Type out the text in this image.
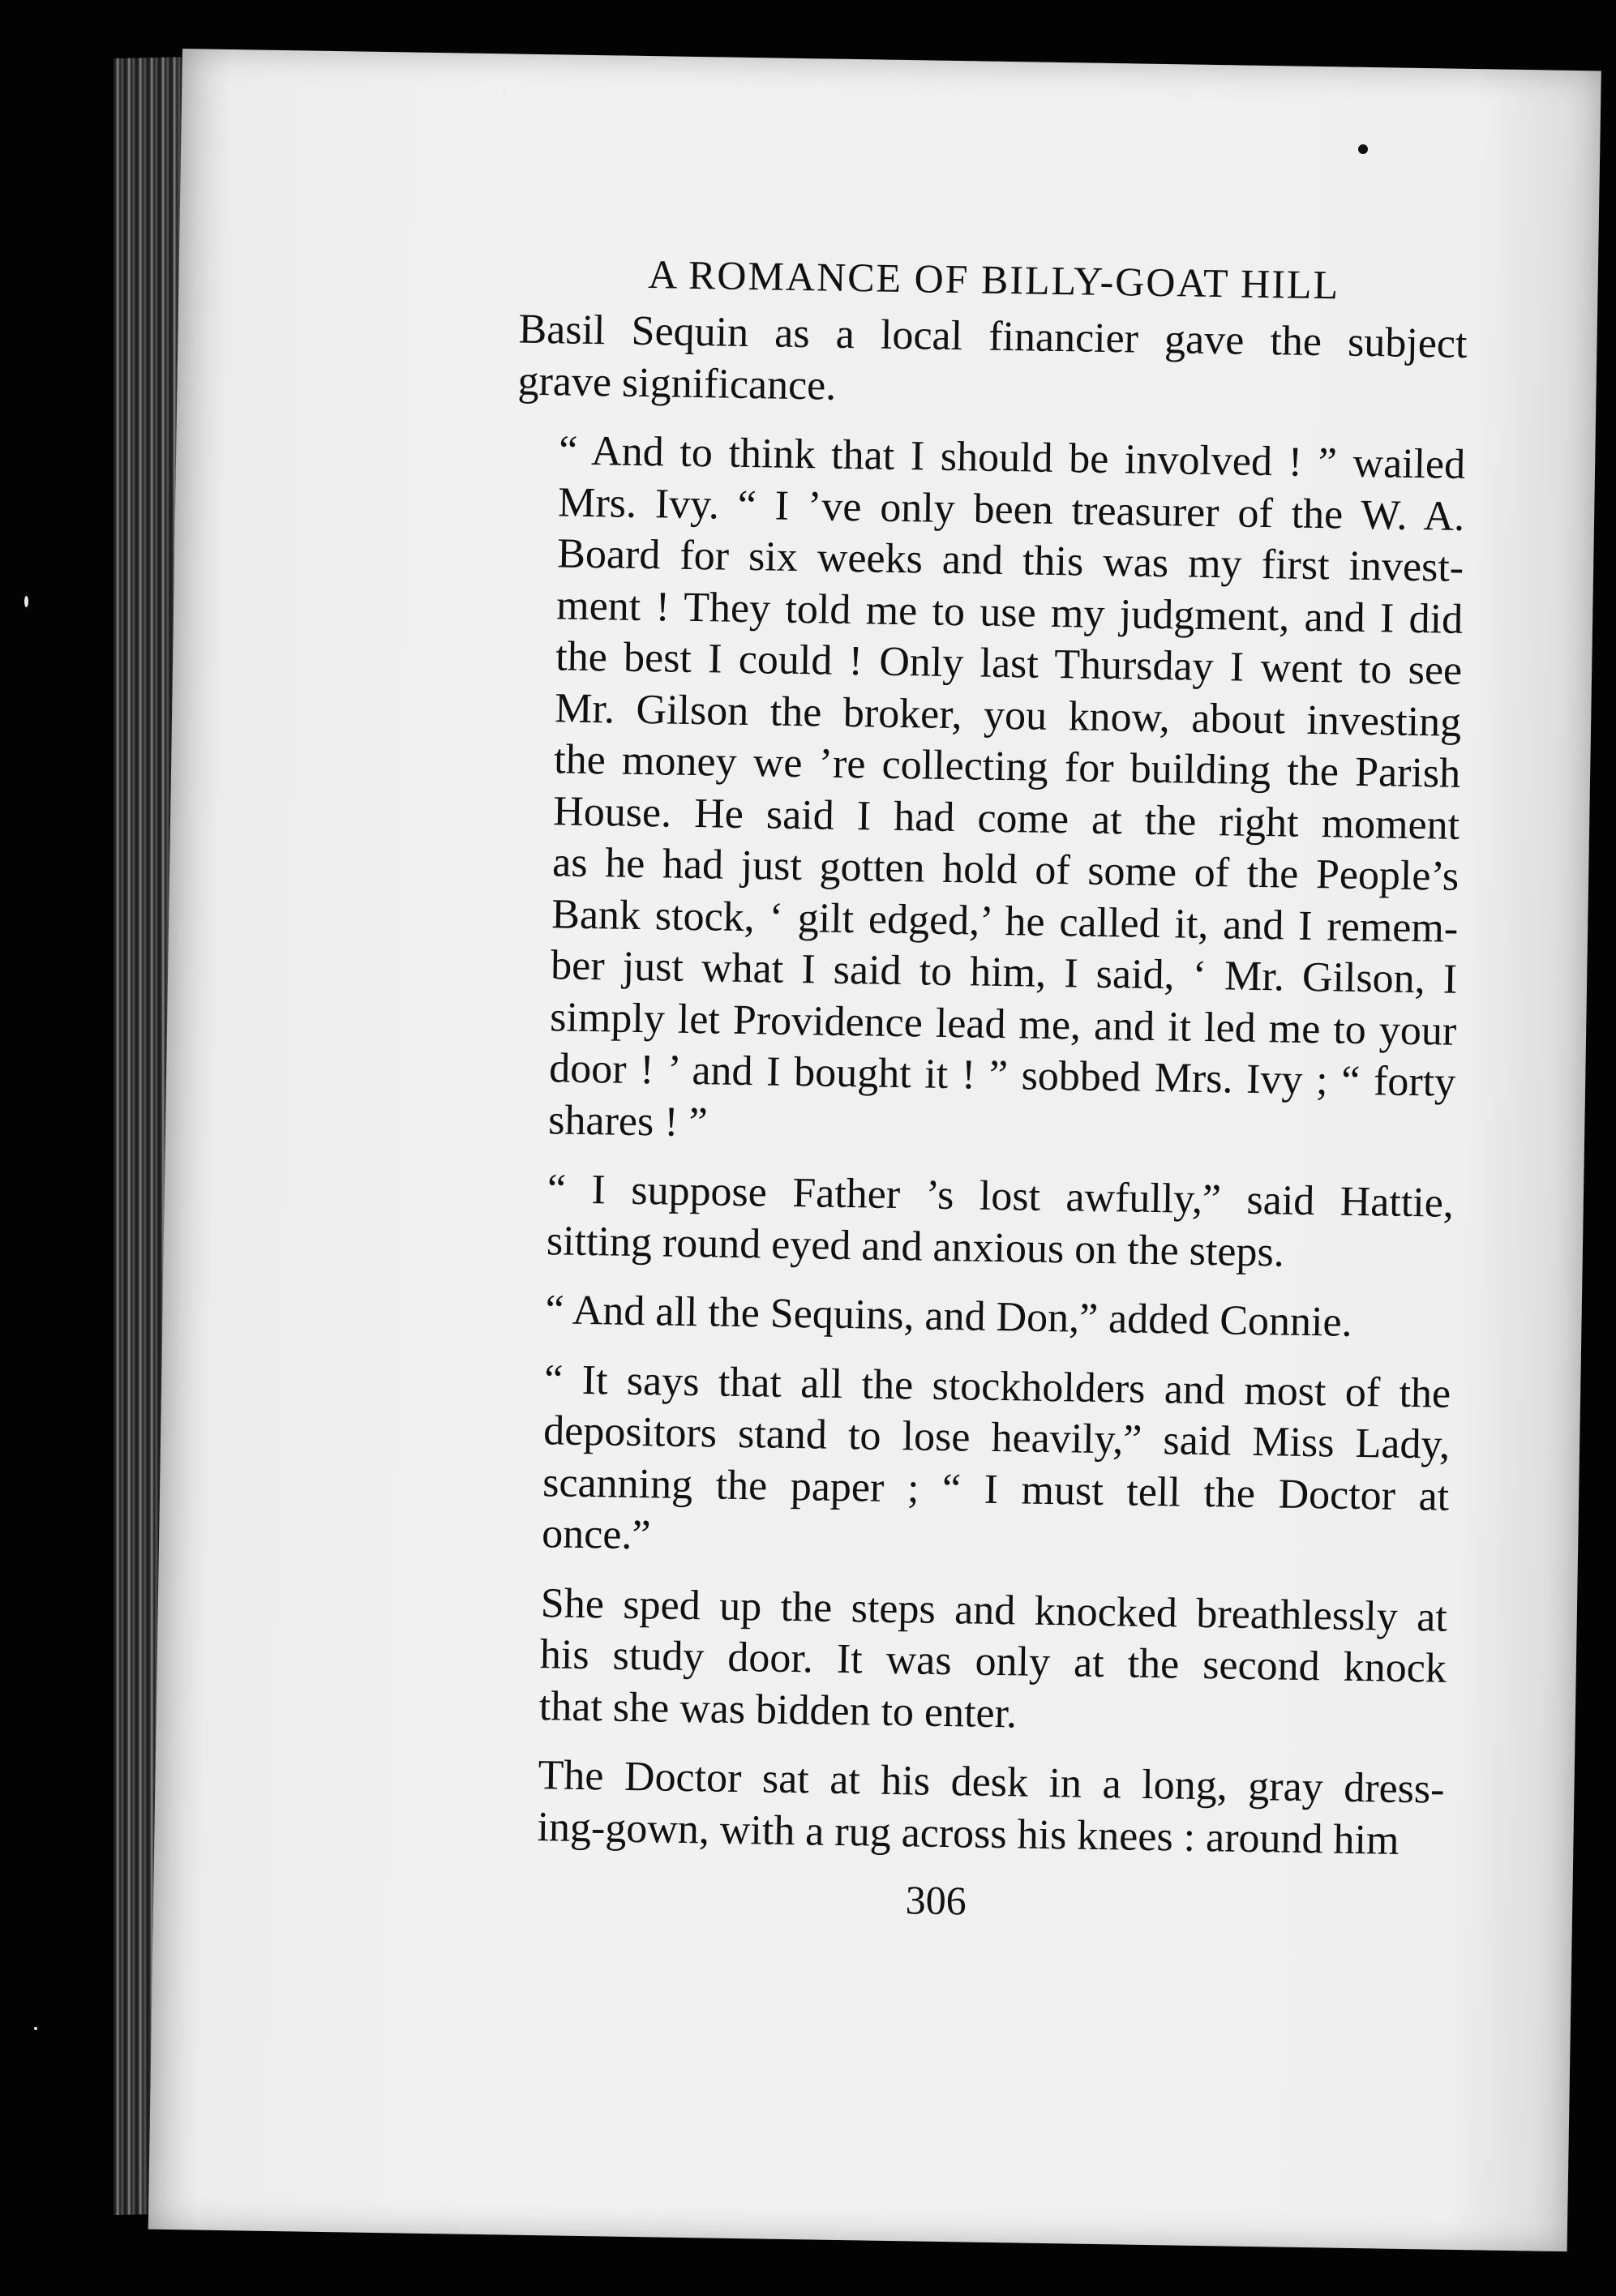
A ROMANCE OF BILLY-GOAT HILL
Basil Sequin as a local financier gave the subject
grave significance.
“ And to think that I should be involved ! ” wailed
Mrs. Ivy. “ I ’ve only been treasurer of the W. A.
Board for six weeks and this was my first invest-
ment ! They told me to use my judgment, and I did
the best I could ! Only last Thursday I went to see
Mr. Gilson the broker, you know, about investing
the money we ’re collecting for building the Parish
House. He said I had come at the right moment
as he had just gotten hold of some of the People’s
Bank stock, ‘ gilt edged,’ he called it, and I remem-
ber just what I said to him, I said, ‘ Mr. Gilson, I
simply let Providence lead me, and it led me to your
door ! ’ and I bought it ! ” sobbed Mrs. Ivy ; “ forty
shares ! ”
“ I suppose Father ’s lost awfully,” said Hattie,
sitting round eyed and anxious on the steps.
“ And all the Sequins, and Don,” added Connie.
“ It says that all the stockholders and most of the
depositors stand to lose heavily,” said Miss Lady,
scanning the paper ; “ I must tell the Doctor at
once.”
She sped up the steps and knocked breathlessly at
his study door. It was only at the second knock
that she was bidden to enter.
The Doctor sat at his desk in a long, gray dress-
ing-gown, with a rug across his knees : around him
306
